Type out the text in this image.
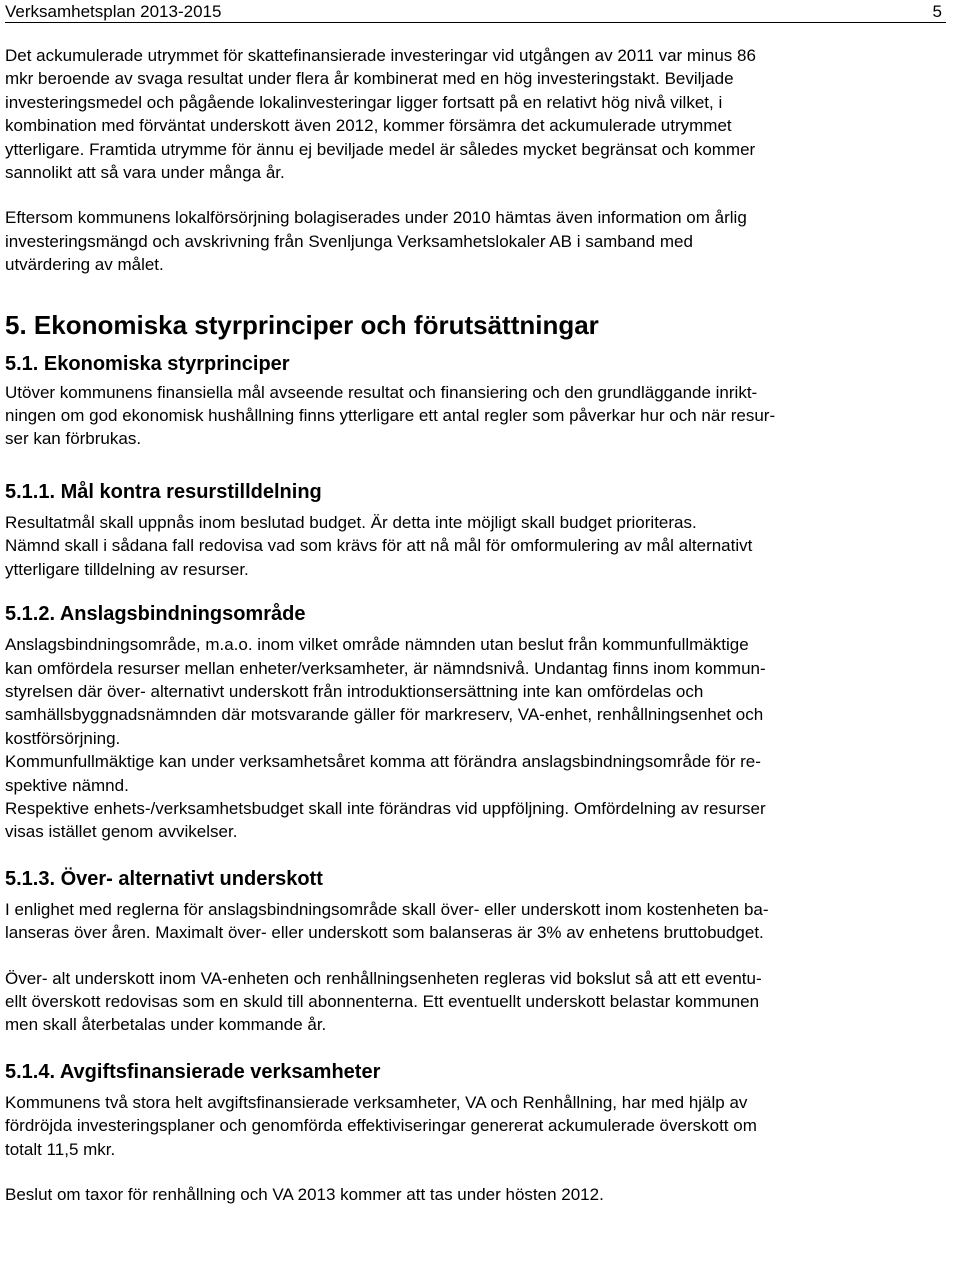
Verksamhetsplan 2013-2015	5

Det ackumulerade utrymmet för skattefinansierade investeringar vid utgången av 2011 var minus 86
mkr beroende av svaga resultat under flera år kombinerat med en hög investeringstakt. Beviljade
investeringsmedel och pågående lokalinvesteringar ligger fortsatt på en relativt hög nivå vilket, i
kombination med förväntat underskott även 2012, kommer försämra det ackumulerade utrymmet
ytterligare. Framtida utrymme för ännu ej beviljade medel är således mycket begränsat och kommer
sannolikt att så vara under många år.

Eftersom kommunens lokalförsörjning bolagiserades under 2010 hämtas även information om årlig
investeringsmängd och avskrivning från Svenljunga Verksamhetslokaler AB i samband med
utvärdering av målet.

5. Ekonomiska styrprinciper och förutsättningar
5.1. Ekonomiska styrprinciper

Utöver kommunens finansiella mål avseende resultat och finansiering och den grundläggande inrikt-
ningen om god ekonomisk hushållning finns ytterligare ett antal regler som påverkar hur och när resur-
ser kan förbrukas.

5.1.1. Mål kontra resurstilldelning

Resultatmål skall uppnås inom beslutad budget. Är detta inte möjligt skall budget prioriteras.
Nämnd skall i sådana fall redovisa vad som krävs för att nå mål för omformulering av mål alternativt
ytterligare tilldelning av resurser.

5.1.2. Anslagsbindningsområde

Anslagsbindningsområde, m.a.o. inom vilket område nämnden utan beslut från kommunfullmäktige
kan omfördela resurser mellan enheter/verksamheter, är nämndsnivå. Undantag finns inom kommun-
styrelsen där över- alternativt underskott från introduktionsersättning inte kan omfördelas och
samhällsbyggnadsnämnden där motsvarande gäller för markreserv, VA-enhet, renhållningsenhet och
kostförsörjning.
Kommunfullmäktige kan under verksamhetsåret komma att förändra anslagsbindningsområde för re-
spektive nämnd.
Respektive enhets-/verksamhetsbudget skall inte förändras vid uppföljning. Omfördelning av resurser
visas istället genom avvikelser.

5.1.3. Över- alternativt underskott

I enlighet med reglerna för anslagsbindningsområde skall över- eller underskott inom kostenheten ba-
lanseras över åren. Maximalt över- eller underskott som balanseras är 3% av enhetens bruttobudget.

Över- alt underskott inom VA-enheten och renhållningsenheten regleras vid bokslut så att ett eventu-
ellt överskott redovisas som en skuld till abonnenterna. Ett eventuellt underskott belastar kommunen
men skall återbetalas under kommande år.

5.1.4. Avgiftsfinansierade verksamheter

Kommunens två stora helt avgiftsfinansierade verksamheter, VA och Renhållning, har med hjälp av
fördröjda investeringsplaner och genomförda effektiviseringar genererat ackumulerade överskott om
totalt 11,5 mkr.

Beslut om taxor för renhållning och VA 2013 kommer att tas under hösten 2012.
